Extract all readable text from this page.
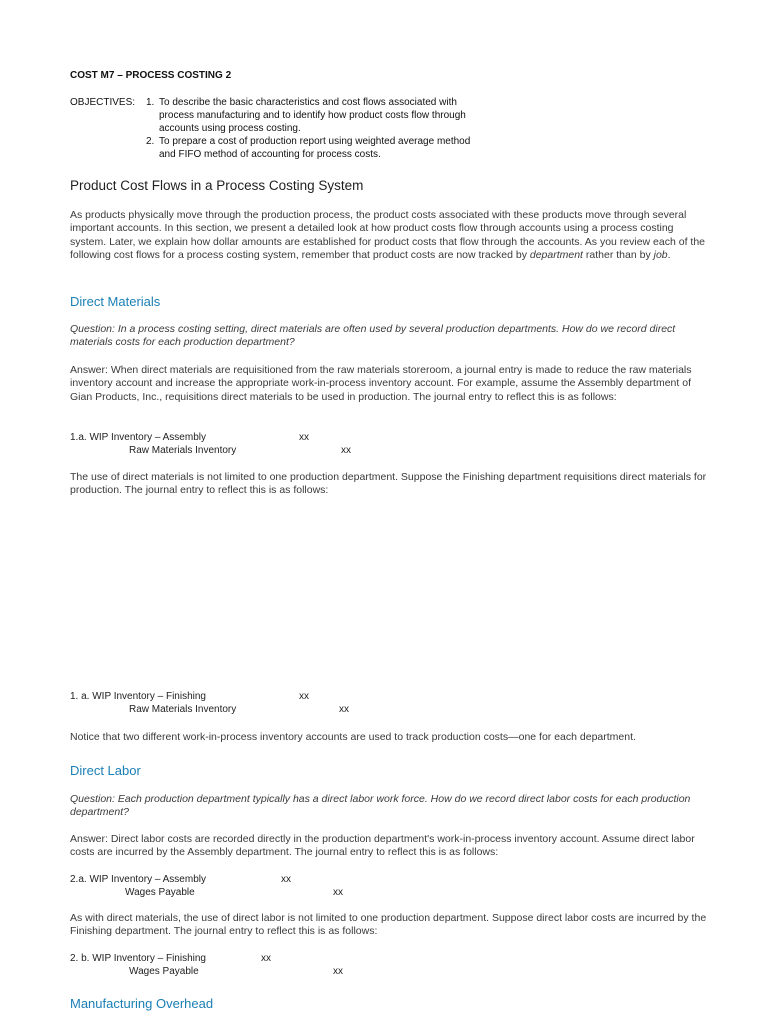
COST M7 – PROCESS COSTING 2
OBJECTIVES: 1. To describe the basic characteristics and cost flows associated with
process manufacturing and to identify how product costs flow through
accounts using process costing.
2. To prepare a cost of production report using weighted average method
and FIFO method of accounting for process costs.
Product Cost Flows in a Process Costing System

As products physically move through the production process, the product costs associated with these products move through several important accounts. In this section, we present a detailed look at how product costs flow through accounts using a process costing system. Later, we explain how dollar amounts are established for product costs that flow through the accounts. As you review each of the following cost flows for a process costing system, remember that product costs are now tracked by department rather than by job.

Direct Materials

Question: In a process costing setting, direct materials are often used by several production departments. How do we record direct materials costs for each production department?

Answer: When direct materials are requisitioned from the raw materials storeroom, a journal entry is made to reduce the raw materials inventory account and increase the appropriate work-in-process inventory account. For example, assume the Assembly department of Gian Products, Inc., requisitions direct materials to be used in production. The journal entry to reflect this is as follows:

1.a. WIP Inventory – Assembly	xx
Raw Materials Inventory	xx

The use of direct materials is not limited to one production department. Suppose the Finishing department requisitions direct materials for production. The journal entry to reflect this is as follows:

1. a. WIP Inventory – Finishing	xx
Raw Materials Inventory	xx

Notice that two different work-in-process inventory accounts are used to track production costs—one for each department.

Direct Labor

Question: Each production department typically has a direct labor work force. How do we record direct labor costs for each production department?

Answer: Direct labor costs are recorded directly in the production department's work-in-process inventory account. Assume direct labor costs are incurred by the Assembly department. The journal entry to reflect this is as follows:

2.a. WIP Inventory – Assembly	xx
Wages Payable	xx

As with direct materials, the use of direct labor is not limited to one production department. Suppose direct labor costs are incurred by the Finishing department. The journal entry to reflect this is as follows:

2. b. WIP Inventory – Finishing	xx
Wages Payable	xx
Manufacturing Overhead
